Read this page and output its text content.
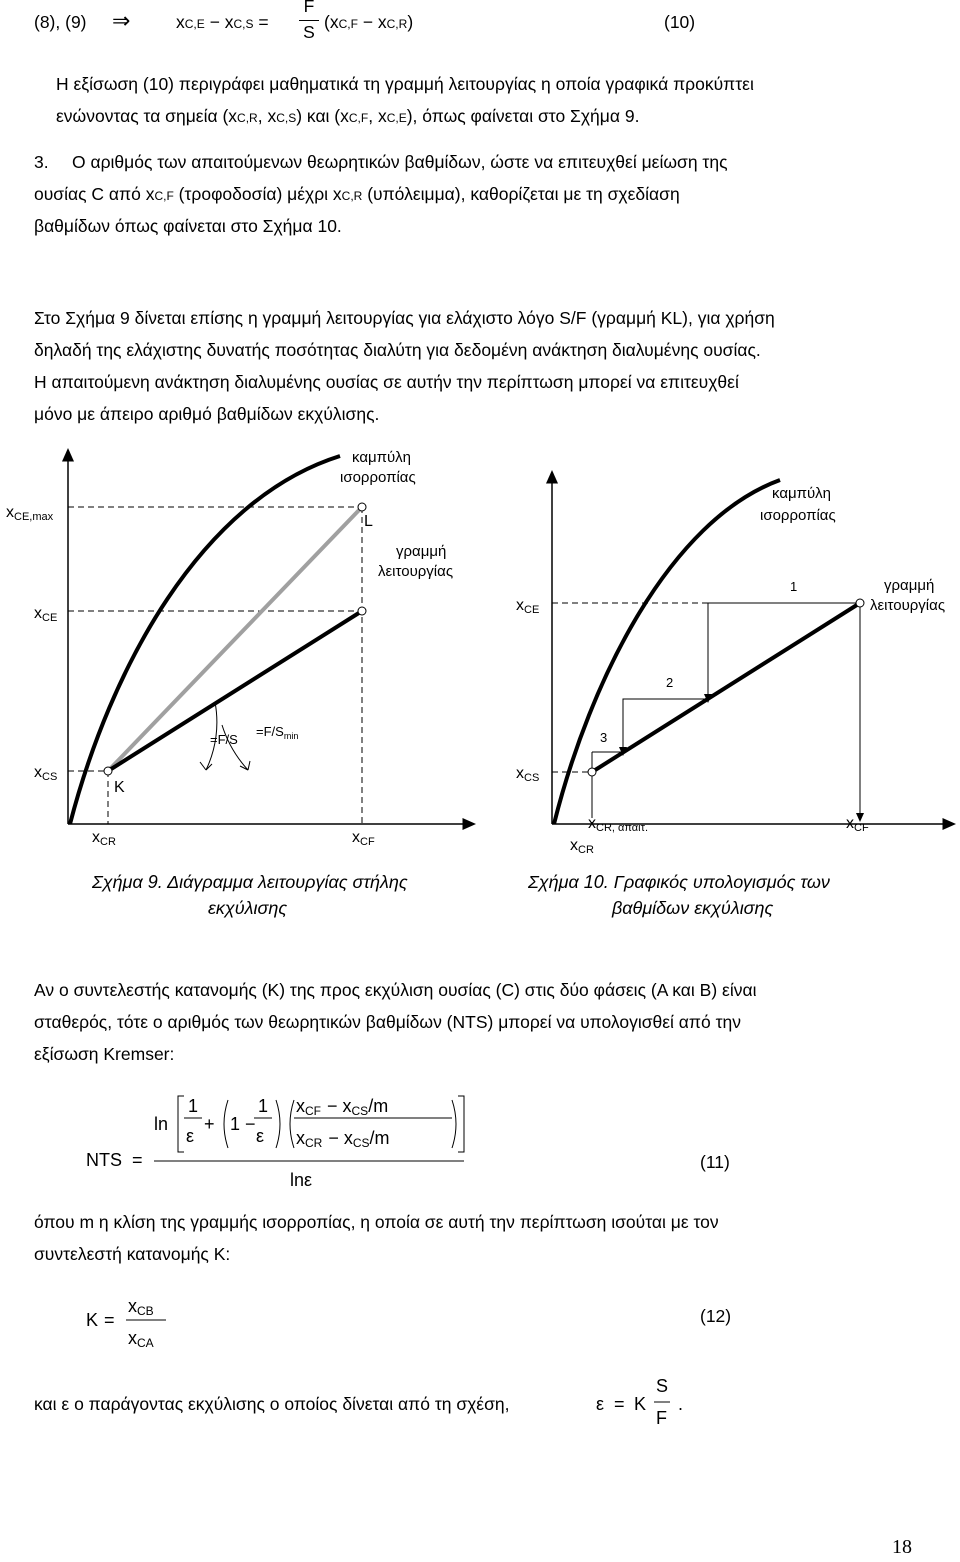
(8), (9) ⇒	xC,E − xC,S =
F
S (xC,F − xC,R)	(10)
Η εξίσωση (10) περιγράφει μαθηματικά τη γραμμή λειτουργίας η οποία γραφικά προκύπτει
ενώνοντας τα σημεία (xC,R, xC,S) και (xC,F, xC,E), όπως φαίνεται στο Σχήμα 9.
3. Ο αριθμός των απαιτούμενων θεωρητικών βαθμίδων, ώστε να επιτευχθεί μείωση της
ουσίας C από xC,F (τροφοδοσία) μέχρι xC,R (υπόλειμμα), καθορίζεται με τη σχεδίαση
βαθμίδων όπως φαίνεται στο Σχήμα 10.
Στο Σχήμα 9 δίνεται επίσης η γραμμή λειτουργίας για ελάχιστο λόγο S/F (γραμμή KL), για χρήση
δηλαδή της ελάχιστης δυνατής ποσότητας διαλύτη για δεδομένη ανάκτηση διαλυμένης ουσίας.
Η απαιτούμενη ανάκτηση διαλυμένης ουσίας σε αυτήν την περίπτωση μπορεί να επιτευχθεί
μόνο με άπειρο αριθμό βαθμίδων εκχύλισης.
xCE,max
xCE
xCS
xCR	xCF
καμπύλη
ισορροπίας
γραμμή
λειτουργίας
L
K
=F/S
$=F/S_{min}$
Σχήμα 9. Διάγραμμα λειτουργίας στήλης
εκχύλισης
xCE
xCS
xCR, απαιτ.
xCR
xCF
καμπύλη
ισορροπίας
γραμμή
λειτουργίας
1
2
3
Σχήμα 10. Γραφικός υπολογισμός των
βαθμίδων εκχύλισης
Αν ο συντελεστής κατανομής (Κ) της προς εκχύλιση ουσίας (C) στις δύο φάσεις (Α και Β) είναι
σταθερός, τότε ο αριθμός των θεωρητικών βαθμίδων (NTS) μπορεί να υπολογισθεί από την
εξίσωση Kremser:
NTS =
ln
1
ε
+ 1 −
1
ε
xCF − xCS/m
xCR − xCS/m
lnε
(11)
όπου m η κλίση της γραμμής ισορροπίας, η οποία σε αυτή την περίπτωση ισούται με τον
συντελεστή κατανομής Κ:
K =
xCB
xCA
(12)
και ε ο παράγοντας εκχύλισης ο οποίος δίνεται από τη σχέση,	ε = K
S
F
.
18
